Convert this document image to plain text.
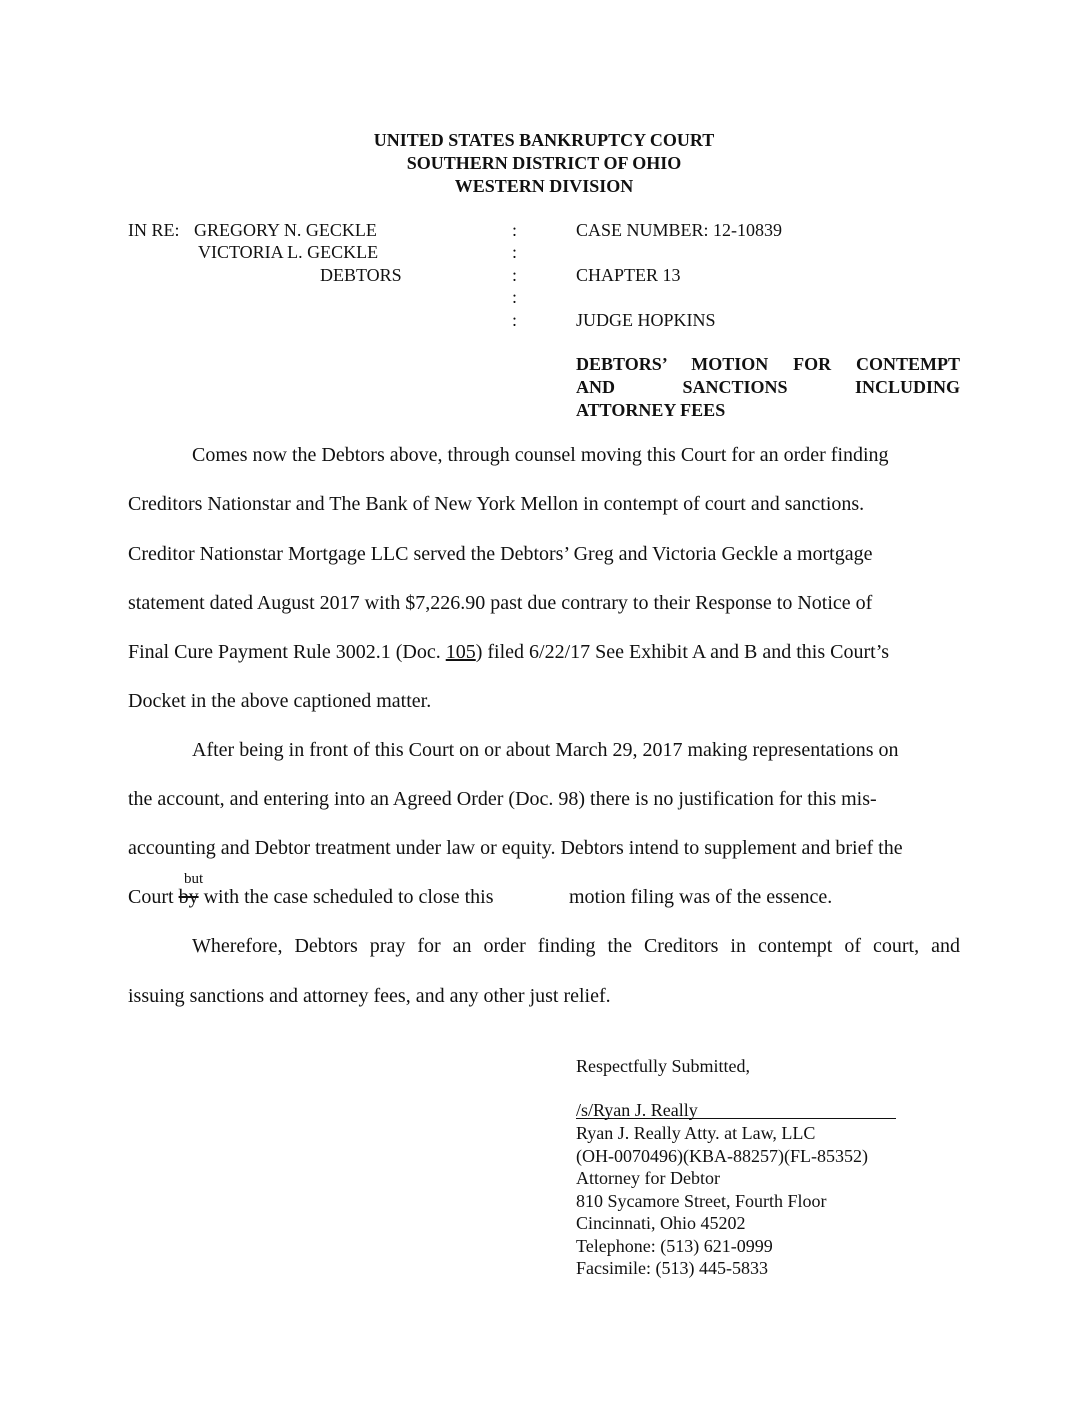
UNITED STATES BANKRUPTCY COURT
SOUTHERN DISTRICT OF OHIO
WESTERN DIVISION
IN RE: GREGORY N. GECKLE
VICTORIA L. GECKLE
DEBTORS
:
:
:
:
:
CASE NUMBER: 12-10839
CHAPTER 13
JUDGE HOPKINS
DEBTORS’ MOTION FOR CONTEMPT
AND SANCTIONS INCLUDING
ATTORNEY FEES
Comes now the Debtors above, through counsel moving this Court for an order finding
Creditors Nationstar and The Bank of New York Mellon in contempt of court and sanctions.
Creditor Nationstar Mortgage LLC served the Debtors’ Greg and Victoria Geckle a mortgage
statement dated August 2017 with $7,226.90 past due contrary to their Response to Notice of
Final Cure Payment Rule 3002.1 (Doc. 105) filed 6/22/17 See Exhibit A and B and this Court’s
Docket in the above captioned matter.
After being in front of this Court on or about March 29, 2017 making representations on
the account, and entering into an Agreed Order (Doc. 98) there is no justification for this mis-
accounting and Debtor treatment under law or equity. Debtors intend to supplement and brief the
but
Court by with the case scheduled to close this	motion filing was of the essence.
Wherefore, Debtors pray for an order finding the Creditors in contempt of court, and
issuing sanctions and attorney fees, and any other just relief.
Respectfully Submitted,
/s/Ryan J. Really
Ryan J. Really Atty. at Law, LLC
(OH-0070496)(KBA-88257)(FL-85352)
Attorney for Debtor
810 Sycamore Street, Fourth Floor
Cincinnati, Ohio 45202
Telephone: (513) 621-0999
Facsimile: (513) 445-5833
